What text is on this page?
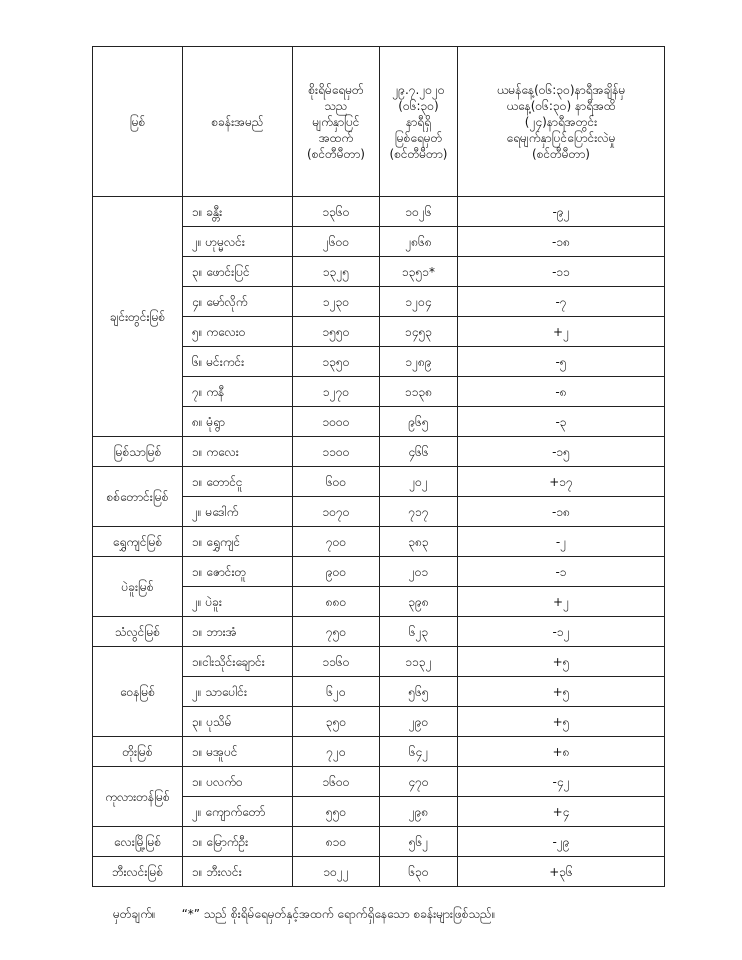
မြစ်	စခန်းအမည်	စိုးရိမ်ရေမှတ်
သည
မျက်နှာပြင်
အထက်
(စင်တီမီတာ)	၂၉.၇.၂၀၂၀
(၀၆:၃၀)
နာရီရှိ
မြစ်ရေမှတ်
(စင်တီမီတာ)	ယမန်နေ့(၀၆:၃၀)နာရီအချိန်မှ
ယနေ့(၀၆:၃၀) နာရီအထိ
(၂၄)နာရီအတွင်း
ရေမျက်နှာပြင်ပြောင်းလဲမှု
(စင်တီမီတာ)

ချင်းတွင်းမြစ်	၁။ ခန္တီး	၁၃၆၀	၁၀၂၆	-၉၂
	၂။ ဟုမ္မလင်း	၂၆၀၀	၂၈၆၈	-၁၈
	၃။ ဖောင်းပြင်	၁၃၂၅	၁၃၅၁*	-၁၁
	၄။ မော်လိုက်	၁၂၃၀	၁၂၀၄	-၇
	၅။ ကလေးဝ	၁၅၅၀	၁၄၅၃	+၂
	၆။ မင်းကင်း	၁၃၅၀	၁၂၈၉	-၅
	၇။ ကနီ	၁၂၇၀	၁၁၃၈	-၈
	၈။ မုံရွာ	၁၀၀၀	၉၆၅	-၃
မြစ်သာမြစ်	၁။ ကလေး	၁၁၀၀	၄၆၆	-၁၅
စစ်တောင်းမြစ်	၁။ တောင်ငူ	၆၀၀	၂၀၂	+၁၇
	၂။ မဒေါက်	၁၀၇၀	၇၁၇	-၁၈
ရွှေကျင်မြစ်	၁။ ရွှေကျင်	၇၀၀	၃၈၃	-၂
ပဲခူးမြစ်	၁။ ဇောင်းတူ	၉၀၀	၂၀၁	-၁
	၂။ ပဲခူး	၈၈၀	၃၉၈	+၂
သံလွင်မြစ်	၁။ ဘားအံ	၇၅၀	၆၂၃	-၁၂
ဝေနမြစ်	၁။ငါးသိုင်းချောင်း	၁၁၆၀	၁၁၃၂	+၅
	၂။ သာပေါင်း	၆၂၀	၅၆၅	+၅
	၃။ ပုသိမ်	၃၅၀	၂၉၀	+၅
တိုးမြစ်	၁။ မအူပင်	၇၂၀	၆၄၂	+၈
ကုလားတန်မြစ်	၁။ ပလက်ဝ	၁၆၀၀	၄၇၀	-၄၂
	၂။ ကျောက်တော်	၅၅၀	၂၉၈	+၄
လေးမြို့မြစ်	၁။ မြောက်ဦး	၈၁၀	၅၆၂	-၂၉
ဘီးလင်းမြစ်	၁။ ဘီးလင်း	၁၀၂၂	၆၃၀	+၃၆
မှတ်ချက်။ “*” သည် စိုးရိမ်ရေမှတ်နှင့်အထက် ရောက်ရှိနေသော စခန်းများဖြစ်သည်။
